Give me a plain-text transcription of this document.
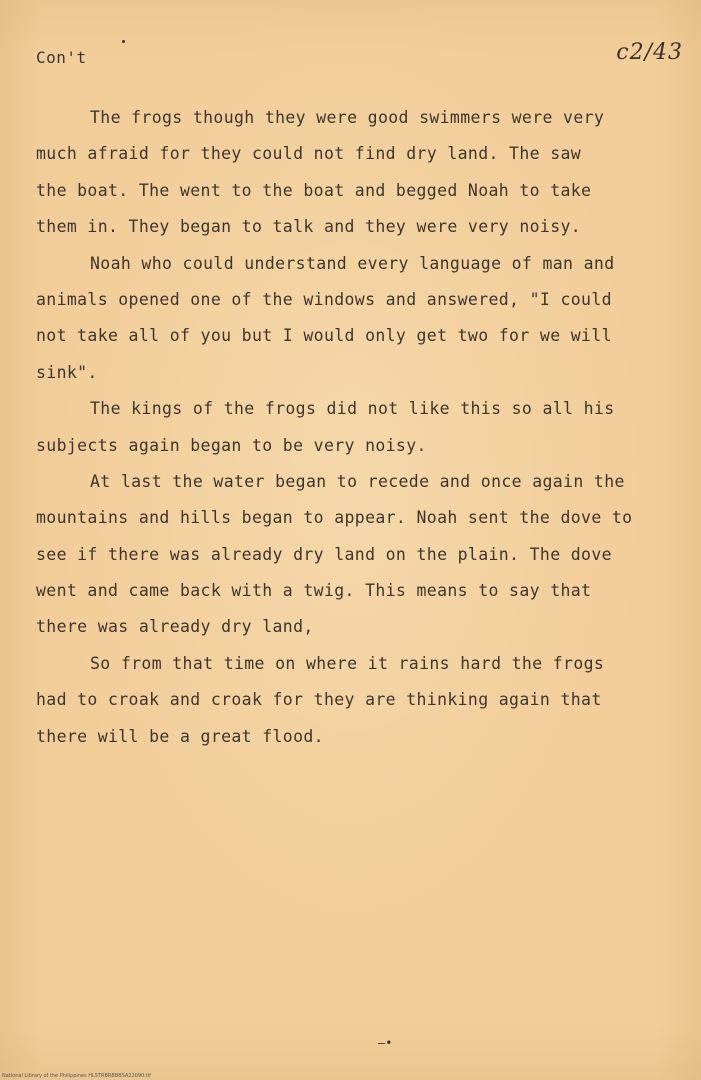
Con't	c2/43
The frogs though they were good swimmers were very
much afraid for they could not find dry land. The saw
the boat. The went to the boat and begged Noah to take
them in. They began to talk and they were very noisy.
Noah who could understand every language of man and
animals opened one of the windows and answered, "I could
not take all of you but I would only get two for we will
sink".
The kings of the frogs did not like this so all his
subjects again began to be very noisy.
At last the water began to recede and once again the
mountains and hills began to appear. Noah sent the dove to
see if there was already dry land on the plain. The dove
went and came back with a twig. This means to say that
there was already dry land,
So from that time on where it rains hard the frogs
had to croak and croak for they are thinking again that
there will be a great flood.
—•
National Library of the Philippines HLSTRBRBBBSA22090.tif
